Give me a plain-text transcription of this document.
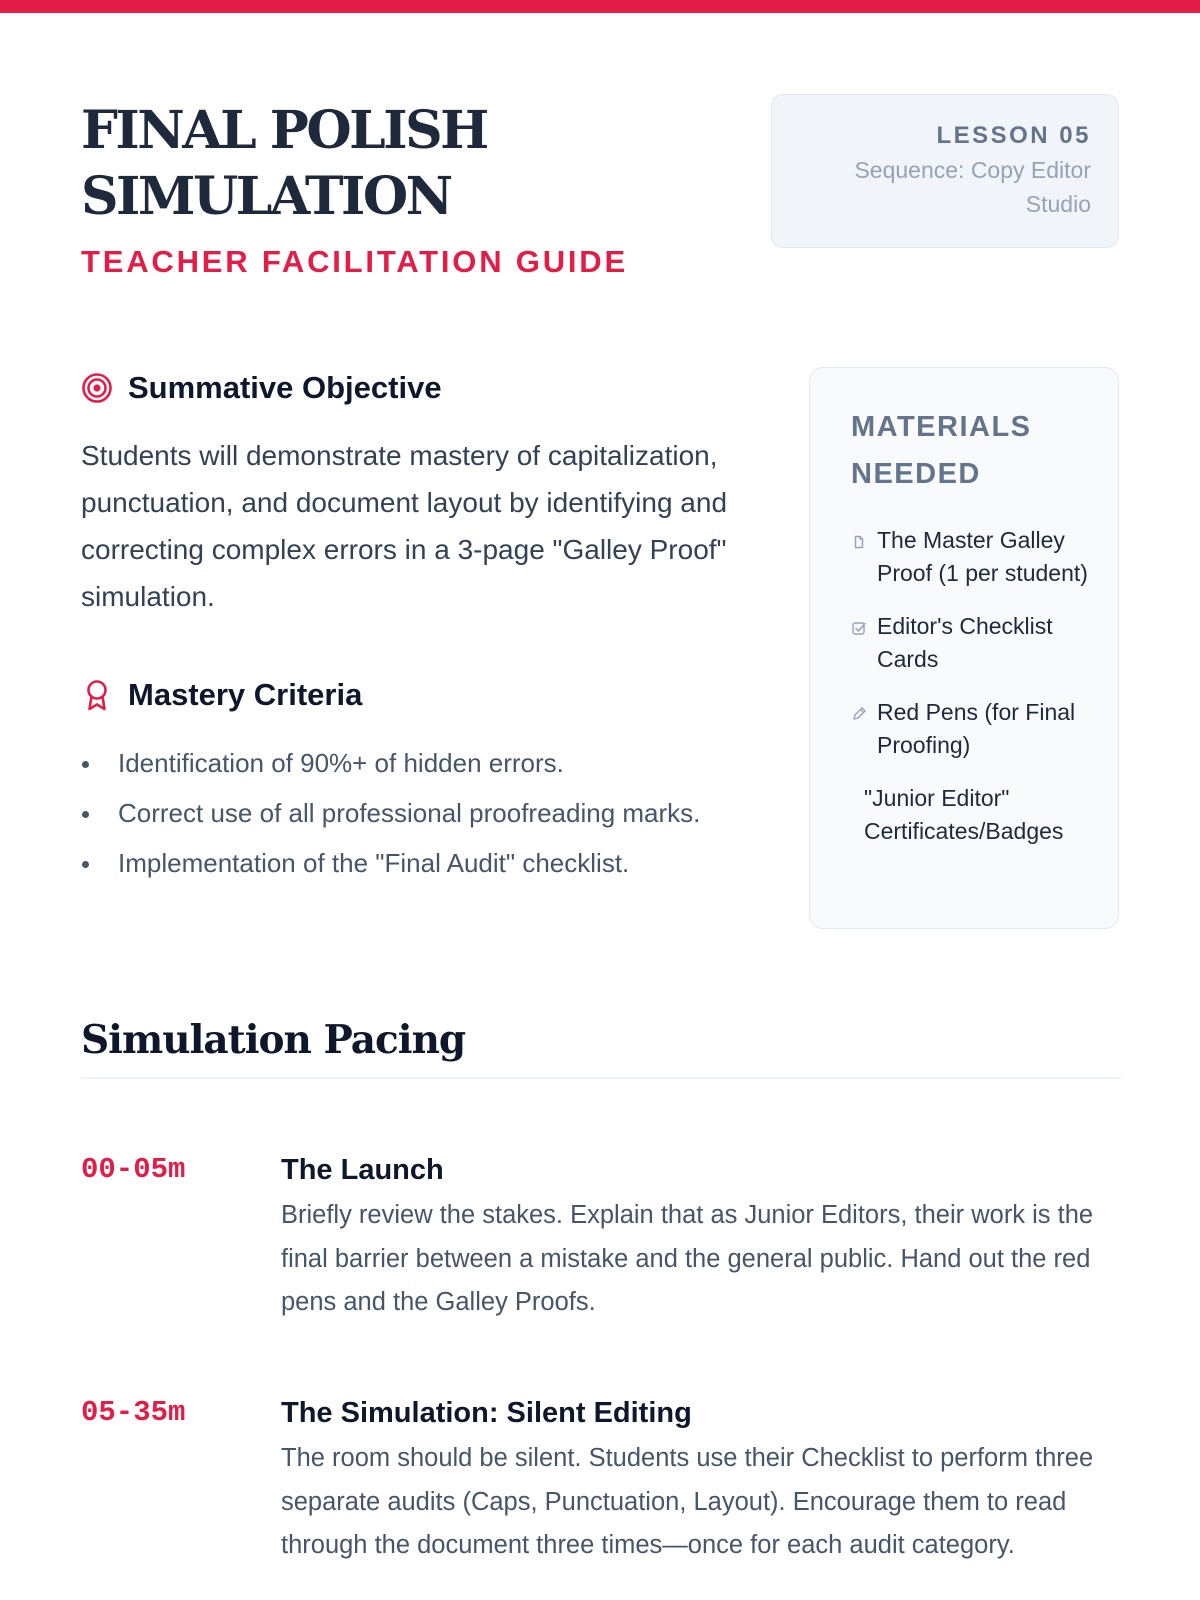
FINAL POLISH
SIMULATION
TEACHER FACILITATION GUIDE
LESSON 05
Sequence: Copy Editor Studio
Summative Objective
Students will demonstrate mastery of capitalization, punctuation, and document layout by identifying and correcting complex errors in a 3-page "Galley Proof" simulation.
Mastery Criteria
Identification of 90%+ of hidden errors.
Correct use of all professional proofreading marks.
Implementation of the "Final Audit" checklist.
MATERIALS NEEDED
The Master Galley Proof (1 per student)
Editor's Checklist Cards
Red Pens (for Final Proofing)
"Junior Editor" Certificates/Badges
Simulation Pacing
00-05m	The Launch
Briefly review the stakes. Explain that as Junior Editors, their work is the final barrier between a mistake and the general public. Hand out the red pens and the Galley Proofs.
05-35m	The Simulation: Silent Editing
The room should be silent. Students use their Checklist to perform three separate audits (Caps, Punctuation, Layout). Encourage them to read through the document three times—once for each audit category.
